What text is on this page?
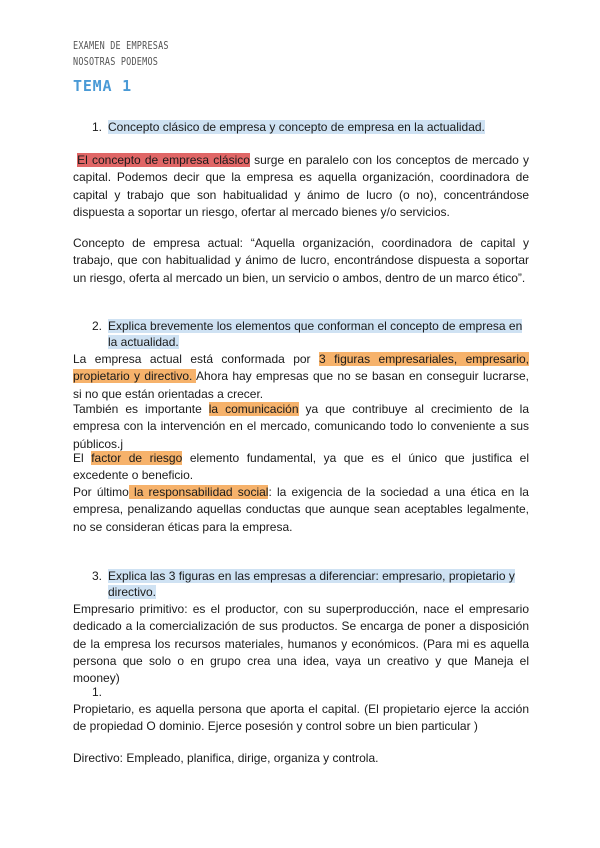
EXAMEN DE EMPRESAS
NOSOTRAS PODEMOS
TEMA 1
1. Concepto clásico de empresa y concepto de empresa en la actualidad.
El concepto de empresa clásico surge en paralelo con los conceptos de mercado y capital. Podemos decir que la empresa es aquella organización, coordinadora de capital y trabajo que son habitualidad y ánimo de lucro (o no), concentrándose dispuesta a soportar un riesgo, ofertar al mercado bienes y/o servicios.
Concepto de empresa actual: “Aquella organización, coordinadora de capital y trabajo, que con habitualidad y ánimo de lucro, encontrándose dispuesta a soportar un riesgo, oferta al mercado un bien, un servicio o ambos, dentro de un marco ético”.
2. Explica brevemente los elementos que conforman el concepto de empresa en la actualidad.
La empresa actual está conformada por 3 figuras empresariales, empresario, propietario y directivo. Ahora hay empresas que no se basan en conseguir lucrarse, si no que están orientadas a crecer.
También es importante la comunicación ya que contribuye al crecimiento de la empresa con la intervención en el mercado, comunicando todo lo conveniente a sus públicos.j
El factor de riesgo elemento fundamental, ya que es el único que justifica el excedente o beneficio.
Por último la responsabilidad social: la exigencia de la sociedad a una ética en la empresa, penalizando aquellas conductas que aunque sean aceptables legalmente, no se consideran éticas para la empresa.
3. Explica las 3 figuras en las empresas a diferenciar: empresario, propietario y directivo.
Empresario primitivo: es el productor, con su superproducción, nace el empresario dedicado a la comercialización de sus productos. Se encarga de poner a disposición de la empresa los recursos materiales, humanos y económicos. (Para mi es aquella persona que solo o en grupo crea una idea, vaya un creativo y que Maneja el mooney)
1.
Propietario, es aquella persona que aporta el capital. (El propietario ejerce la acción de propiedad O dominio. Ejerce posesión y control sobre un bien particular )
Directivo: Empleado, planifica, dirige, organiza y controla.
